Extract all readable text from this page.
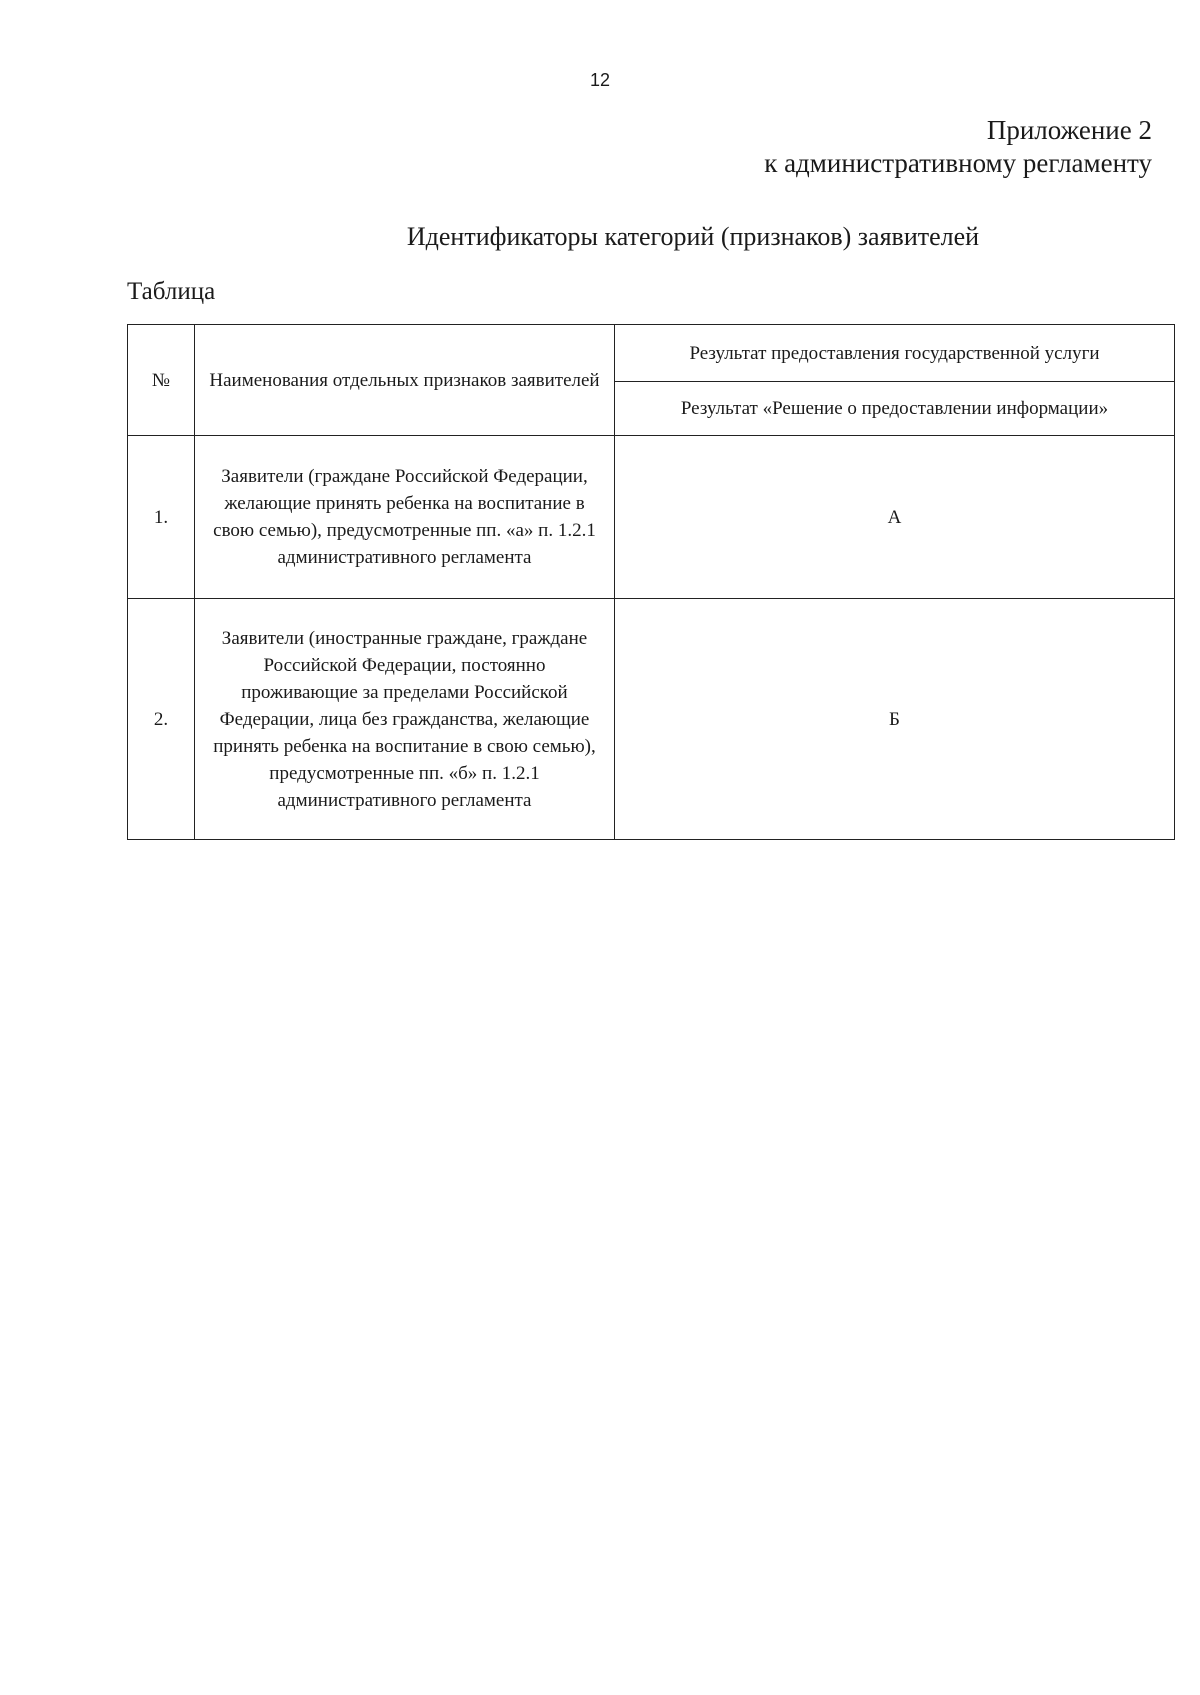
12
Приложение 2
к административному регламенту
Идентификаторы категорий (признаков) заявителей
Таблица
№	Наименования отдельных признаков заявителей	Результат предоставления государственной услуги
		Результат «Решение о предоставлении информации»
1.	Заявители (граждане Российской Федерации, желающие принять ребенка на воспитание в свою семью), предусмотренные пп. «а» п. 1.2.1 административного регламента	А
2.	Заявители (иностранные граждане, граждане Российской Федерации, постоянно проживающие за пределами Российской Федерации, лица без гражданства, желающие принять ребенка на воспитание в свою семью), предусмотренные пп. «б» п. 1.2.1 административного регламента	Б
